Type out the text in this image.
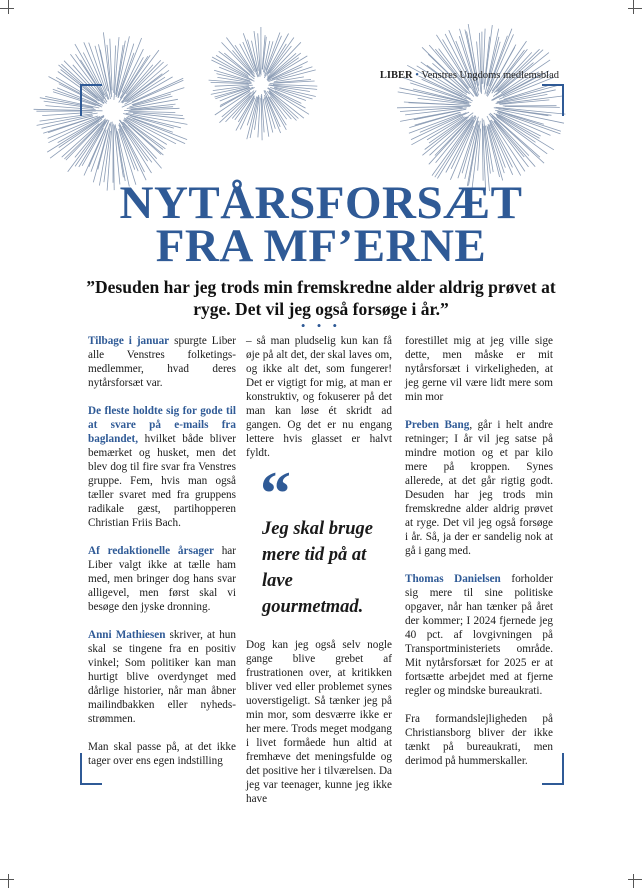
LIBER • Venstres Ungdoms medlemsblad
NYTÅRSFORSÆT
FRA MF’ERNE

”Desuden har jeg trods min fremskredne alder aldrig prøvet at ryge. Det vil jeg også forsøge i år.”

• • •

Tilbage i januar spurgte Liber alle Venstres folketingsmedlemmer, hvad deres nytårsforsæt var.

De fleste holdte sig for gode til at svare på e-mails fra baglandet, hvilket både bliver bemærket og husket, men det blev dog til fire svar fra Venstres gruppe. Fem, hvis man også tæller svaret med fra gruppens radikale gæst, partihopperen Christian Friis Bach.

Af redaktionelle årsager har Liber valgt ikke at tælle ham med, men bringer dog hans svar alligevel, men først skal vi besøge den jyske dronning.

Anni Mathiesen skriver, at hun skal se tingene fra en positiv vinkel; Som politiker kan man hurtigt blive overdynget med dårlige historier, når man åbner mailindbakken eller nyhedsstrømmen.

Man skal passe på, at det ikke tager over ens egen indstilling

– så man pludselig kun kan få øje på alt det, der skal laves om, og ikke alt det, som fungerer! Det er vigtigt for mig, at man er konstruktiv, og fokuserer på det man kan løse ét skridt ad gangen. Og det er nu engang lettere hvis glasset er halvt fyldt.

“
Jeg skal bruge mere tid på at lave gourmetmad.

Dog kan jeg også selv nogle gange blive grebet af frustrationen over, at kritikken bliver ved eller problemet synes uoverstigeligt. Så tænker jeg på min mor, som desværre ikke er her mere. Trods meget modgang i livet formåede hun altid at fremhæve det meningsfulde og det positive her i tilværelsen. Da jeg var teenager, kunne jeg ikke have

forestillet mig at jeg ville sige dette, men måske er mit nytårsforsæt i virkeligheden, at jeg gerne vil være lidt mere som min mor

Preben Bang, går i helt andre retninger; I år vil jeg satse på mindre motion og et par kilo mere på kroppen. Synes allerede, at det går rigtig godt. Desuden har jeg trods min fremskredne alder aldrig prøvet at ryge. Det vil jeg også forsøge i år. Så, ja der er sandelig nok at gå i gang med.

Thomas Danielsen forholder sig mere til sine politiske opgaver, når han tænker på året der kommer; I 2024 fjernede jeg 40 pct. af lovgivningen på Transportministeriets område. Mit nytårsforsæt for 2025 er at fortsætte arbejdet med at fjerne regler og mindske bureaukrati.

Fra formandslejligheden på Christiansborg bliver der ikke tænkt på bureaukrati, men derimod på hummerskaller.
